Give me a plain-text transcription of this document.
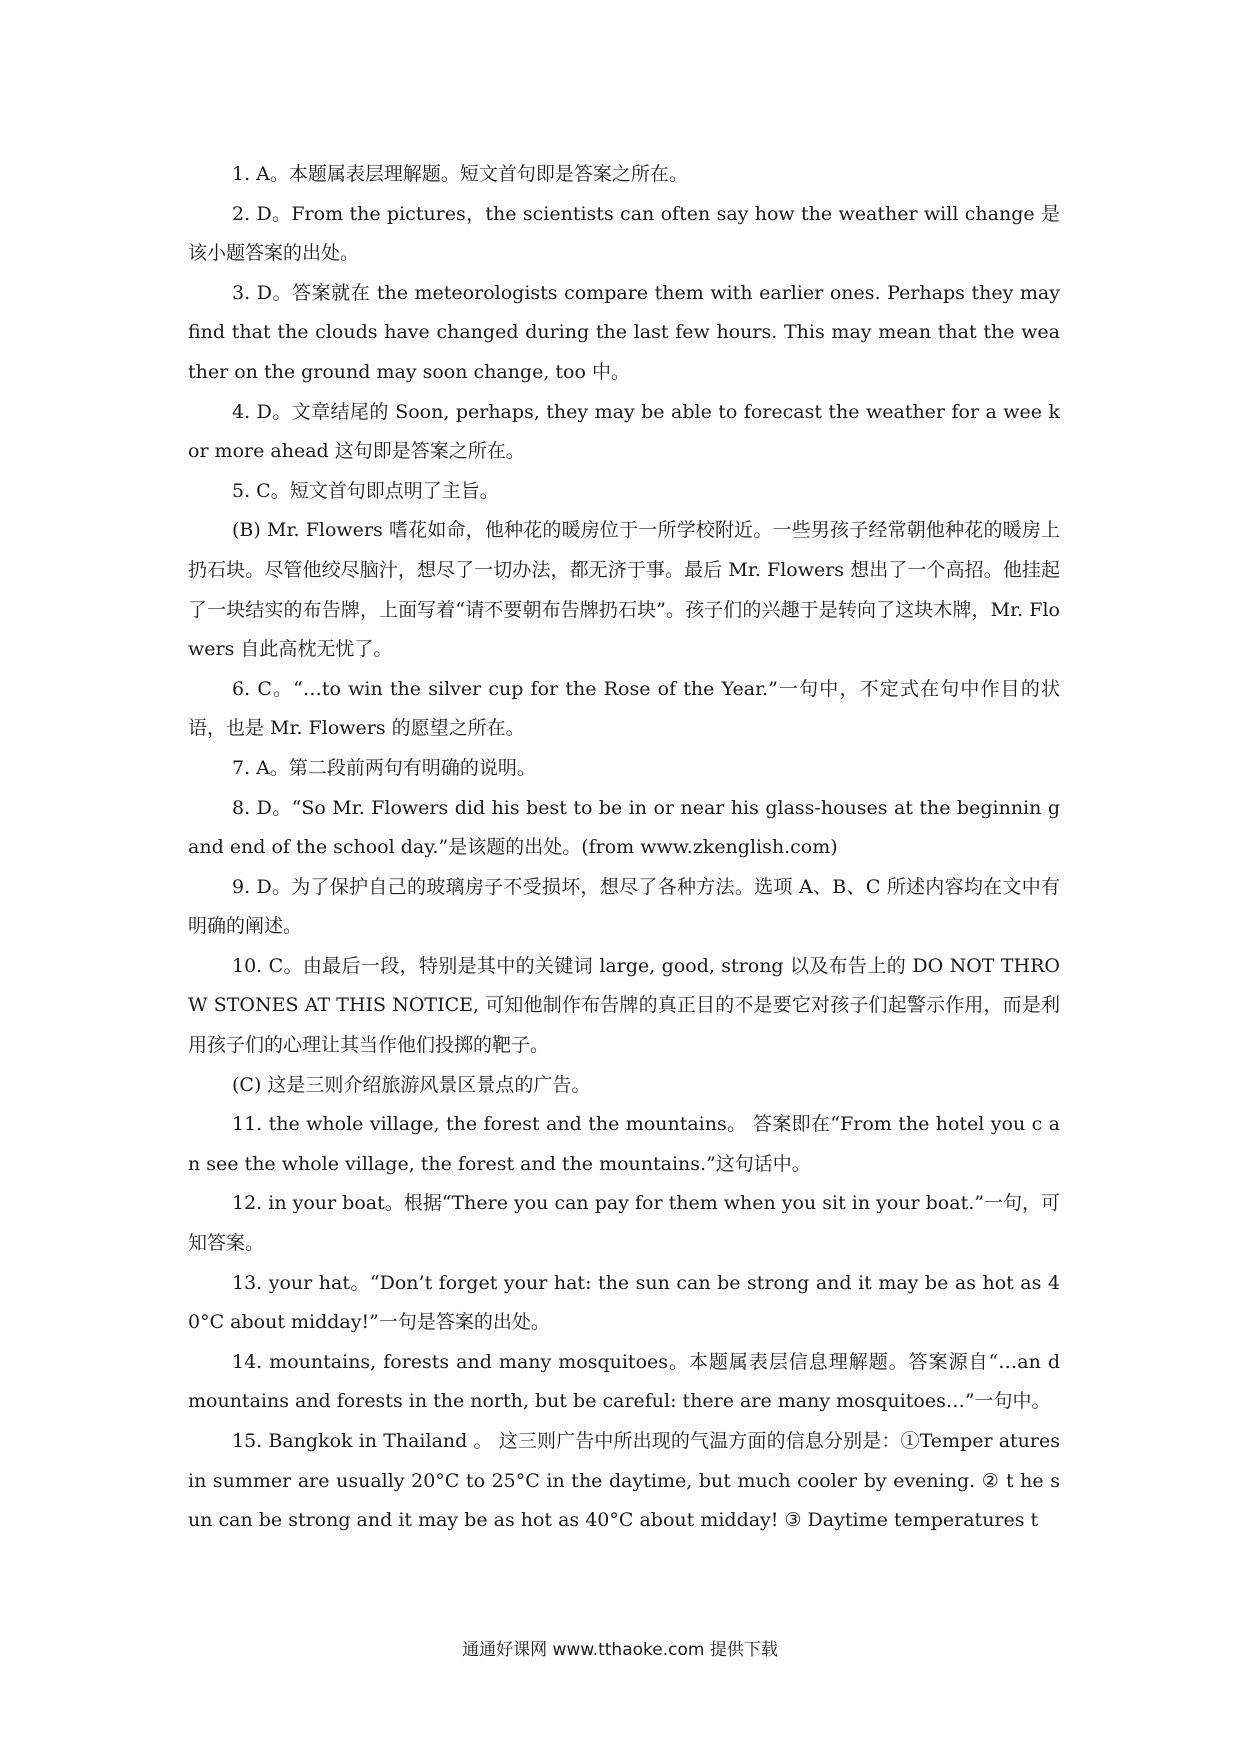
1. A。本题属表层理解题。短文首句即是答案之所在。

2. D。From the pictures，the scientists can often say how the weather will change 是该小题答案的出处。

3. D。答案就在 the meteorologists compare them with earlier ones. Perhaps they may find that the clouds have changed during the last few hours. This may mean that the wea ther on the ground may soon change, too 中。

4. D。文章结尾的 Soon, perhaps, they may be able to forecast the weather for a wee k or more ahead 这句即是答案之所在。

5. C。短文首句即点明了主旨。

(B) Mr. Flowers 嗜花如命，他种花的暖房位于一所学校附近。一些男孩子经常朝他种花的暖房上扔石块。尽管他绞尽脑汁，想尽了一切办法，都无济于事。最后 Mr. Flowers 想出了一个高招。他挂起了一块结实的布告牌，上面写着“请不要朝布告牌扔石块”。孩子们的兴趣于是转向了这块木牌，Mr. Flowers 自此高枕无忧了。

6. C。“…to win the silver cup for the Rose of the Year.”一句中，不定式在句中作目的状语，也是 Mr. Flowers 的愿望之所在。

7. A。第二段前两句有明确的说明。

8. D。“So Mr. Flowers did his best to be in or near his glass-houses at the beginnin g and end of the school day.”是该题的出处。(from www.zkenglish.com)

9. D。为了保护自己的玻璃房子不受损坏，想尽了各种方法。选项 A、B、C 所述内容均在文中有明确的阐述。

10. C。由最后一段，特别是其中的关键词 large, good, strong 以及布告上的 DO NOT THROW STONES AT THIS NOTICE, 可知他制作布告牌的真正目的不是要它对孩子们起警示作用，而是利用孩子们的心理让其当作他们投掷的靶子。

(C) 这是三则介绍旅游风景区景点的广告。

11. the whole village, the forest and the mountains。 答案即在“From the hotel you c an see the whole village, the forest and the mountains.”这句话中。

12. in your boat。根据“There you can pay for them when you sit in your boat.”一句，可知答案。

13. your hat。“Don’t forget your hat: the sun can be strong and it may be as hot as 40°C about midday!”一句是答案的出处。

14. mountains, forests and many mosquitoes。本题属表层信息理解题。答案源自“…an d mountains and forests in the north, but be careful: there are many mosquitoes…”一句中。

15. Bangkok in Thailand 。 这三则广告中所出现的气温方面的信息分别是：①Temper atures in summer are usually 20°C to 25°C in the daytime, but much cooler by evening. ② t he sun can be strong and it may be as hot as 40°C about midday! ③ Daytime temperatures t

通通好课网 www.tthaoke.com 提供下载
